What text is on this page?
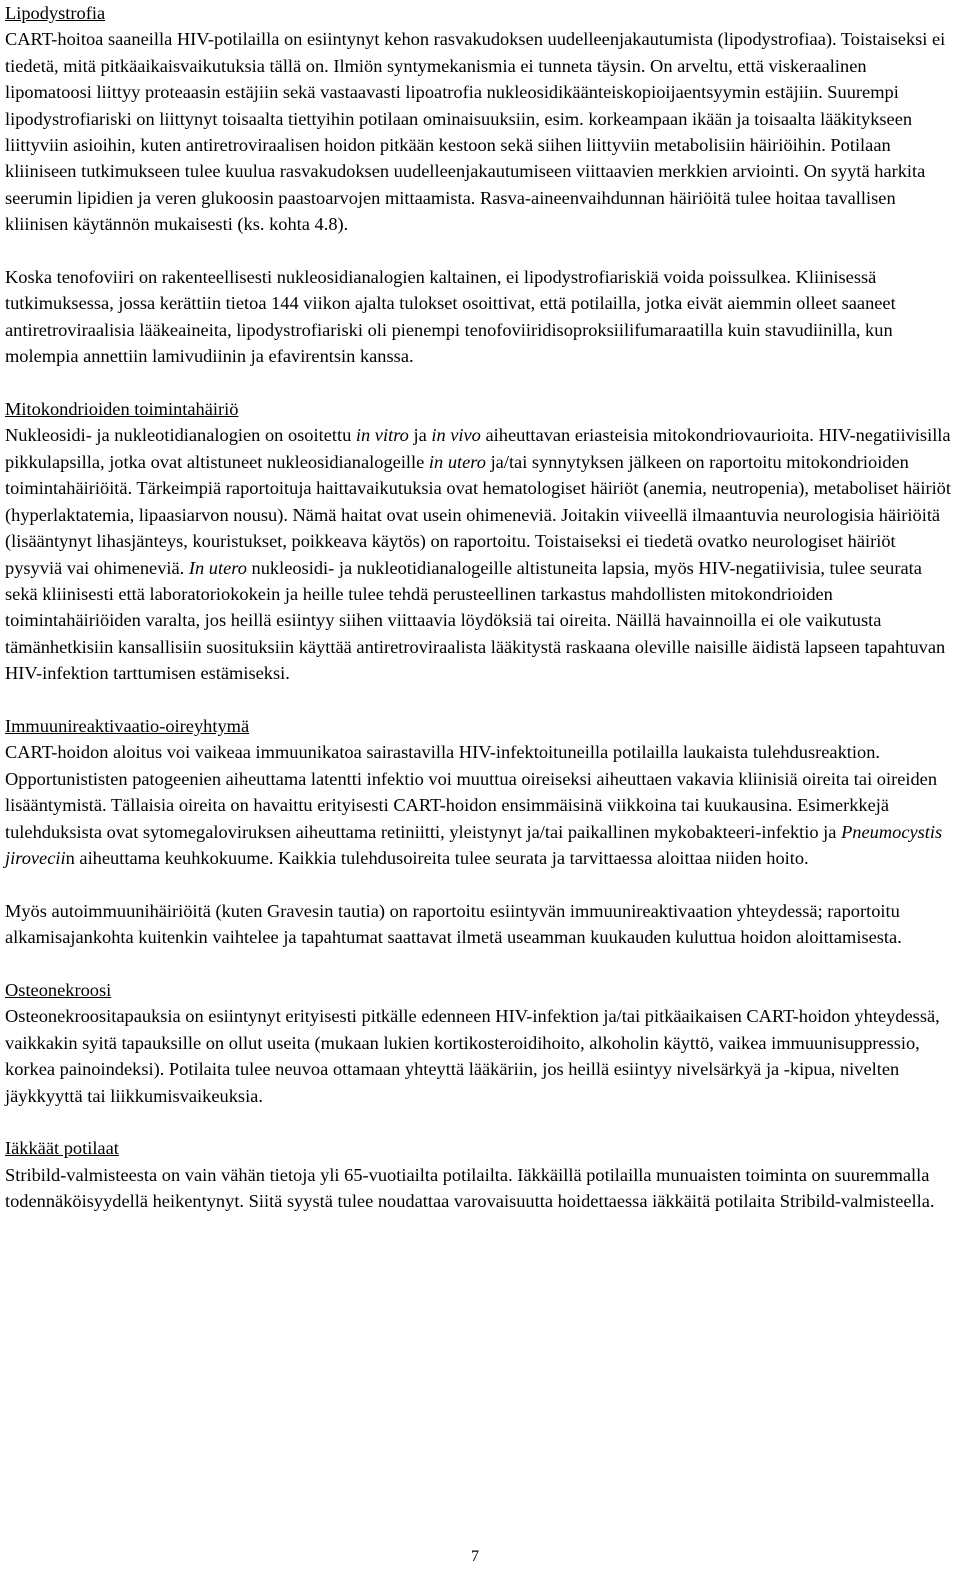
Lipodystrofia

CART-hoitoa saaneilla HIV-potilailla on esiintynyt kehon rasvakudoksen uudelleenjakautumista (lipodystrofiaa). Toistaiseksi ei tiedetä, mitä pitkäaikaisvaikutuksia tällä on. Ilmiön syntymekanismia ei tunneta täysin. On arveltu, että viskeraalinen lipomatoosi liittyy proteaasin estäjiin sekä vastaavasti lipoatrofia nukleosidikäänteiskopioijaentsyymin estäjiin. Suurempi lipodystrofiariski on liittynyt toisaalta tiettyihin potilaan ominaisuuksiin, esim. korkeampaan ikään ja toisaalta lääkitykseen liittyviin asioihin, kuten antiretroviraalisen hoidon pitkään kestoon sekä siihen liittyviin metabolisiin häiriöihin. Potilaan kliiniseen tutkimukseen tulee kuulua rasvakudoksen uudelleenjakautumiseen viittaavien merkkien arviointi. On syytä harkita seerumin lipidien ja veren glukoosin paastoarvojen mittaamista. Rasva-aineenvaihdunnan häiriöitä tulee hoitaa tavallisen kliinisen käytännön mukaisesti (ks. kohta 4.8).

Koska tenofoviiri on rakenteellisesti nukleosidianalogien kaltainen, ei lipodystrofiariskiä voida poissulkea. Kliinisessä tutkimuksessa, jossa kerättiin tietoa 144 viikon ajalta tulokset osoittivat, että potilailla, jotka eivät aiemmin olleet saaneet antiretroviraalisia lääkeaineita, lipodystrofiariski oli pienempi tenofoviiridisoproksiilifumaraatilla kuin stavudiinilla, kun molempia annettiin lamivudiinin ja efavirentsin kanssa.

Mitokondrioiden toimintahäiriö

Nukleosidi- ja nukleotidianalogien on osoitettu in vitro ja in vivo aiheuttavan eriasteisia mitokondriovaurioita. HIV-negatiivisilla pikkulapsilla, jotka ovat altistuneet nukleosidianalogeille in utero ja/tai synnytyksen jälkeen on raportoitu mitokondrioiden toimintahäiriöitä. Tärkeimpiä raportoituja haittavaikutuksia ovat hematologiset häiriöt (anemia, neutropenia), metaboliset häiriöt (hyperlaktatemia, lipaasiarvon nousu). Nämä haitat ovat usein ohimeneviä. Joitakin viiveellä ilmaantuvia neurologisia häiriöitä (lisääntynyt lihasjänteys, kouristukset, poikkeava käytös) on raportoitu. Toistaiseksi ei tiedetä ovatko neurologiset häiriöt pysyviä vai ohimeneviä. In utero nukleosidi- ja nukleotidianalogeille altistuneita lapsia, myös HIV-negatiivisia, tulee seurata sekä kliinisesti että laboratoriokokein ja heille tulee tehdä perusteellinen tarkastus mahdollisten mitokondrioiden toimintahäiriöiden varalta, jos heillä esiintyy siihen viittaavia löydöksiä tai oireita. Näillä havainnoilla ei ole vaikutusta tämänhetkisiin kansallisiin suosituksiin käyttää antiretroviraalista lääkitystä raskaana oleville naisille äidistä lapseen tapahtuvan HIV-infektion tarttumisen estämiseksi.

Immuunireaktivaatio-oireyhtymä

CART-hoidon aloitus voi vaikeaa immuunikatoa sairastavilla HIV-infektoituneilla potilailla laukaista tulehdusreaktion. Opportunististen patogeenien aiheuttama latentti infektio voi muuttua oireiseksi aiheuttaen vakavia kliinisiä oireita tai oireiden lisääntymistä. Tällaisia oireita on havaittu erityisesti CART-hoidon ensimmäisinä viikkoina tai kuukausina. Esimerkkejä tulehduksista ovat sytomegaloviruksen aiheuttama retiniitti, yleistynyt ja/tai paikallinen mykobakteeri-infektio ja Pneumocystis jiroveciin aiheuttama keuhkokuume. Kaikkia tulehdusoireita tulee seurata ja tarvittaessa aloittaa niiden hoito.

Myös autoimmuunihäiriöitä (kuten Gravesin tautia) on raportoitu esiintyvän immuunireaktivaation yhteydessä; raportoitu alkamisajankohta kuitenkin vaihtelee ja tapahtumat saattavat ilmetä useamman kuukauden kuluttua hoidon aloittamisesta.

Osteonekroosi

Osteonekroositapauksia on esiintynyt erityisesti pitkälle edenneen HIV-infektion ja/tai pitkäaikaisen CART-hoidon yhteydessä, vaikkakin syitä tapauksille on ollut useita (mukaan lukien kortikosteroidihoito, alkoholin käyttö, vaikea immuunisuppressio, korkea painoindeksi). Potilaita tulee neuvoa ottamaan yhteyttä lääkäriin, jos heillä esiintyy nivelsärkyä ja -kipua, nivelten jäykkyyttä tai liikkumisvaikeuksia.

Iäkkäät potilaat

Stribild-valmisteesta on vain vähän tietoja yli 65-vuotiailta potilailta. Iäkkäillä potilailla munuaisten toiminta on suuremmalla todennäköisyydellä heikentynyt. Siitä syystä tulee noudattaa varovaisuutta hoidettaessa iäkkäitä potilaita Stribild-valmisteella.

7
